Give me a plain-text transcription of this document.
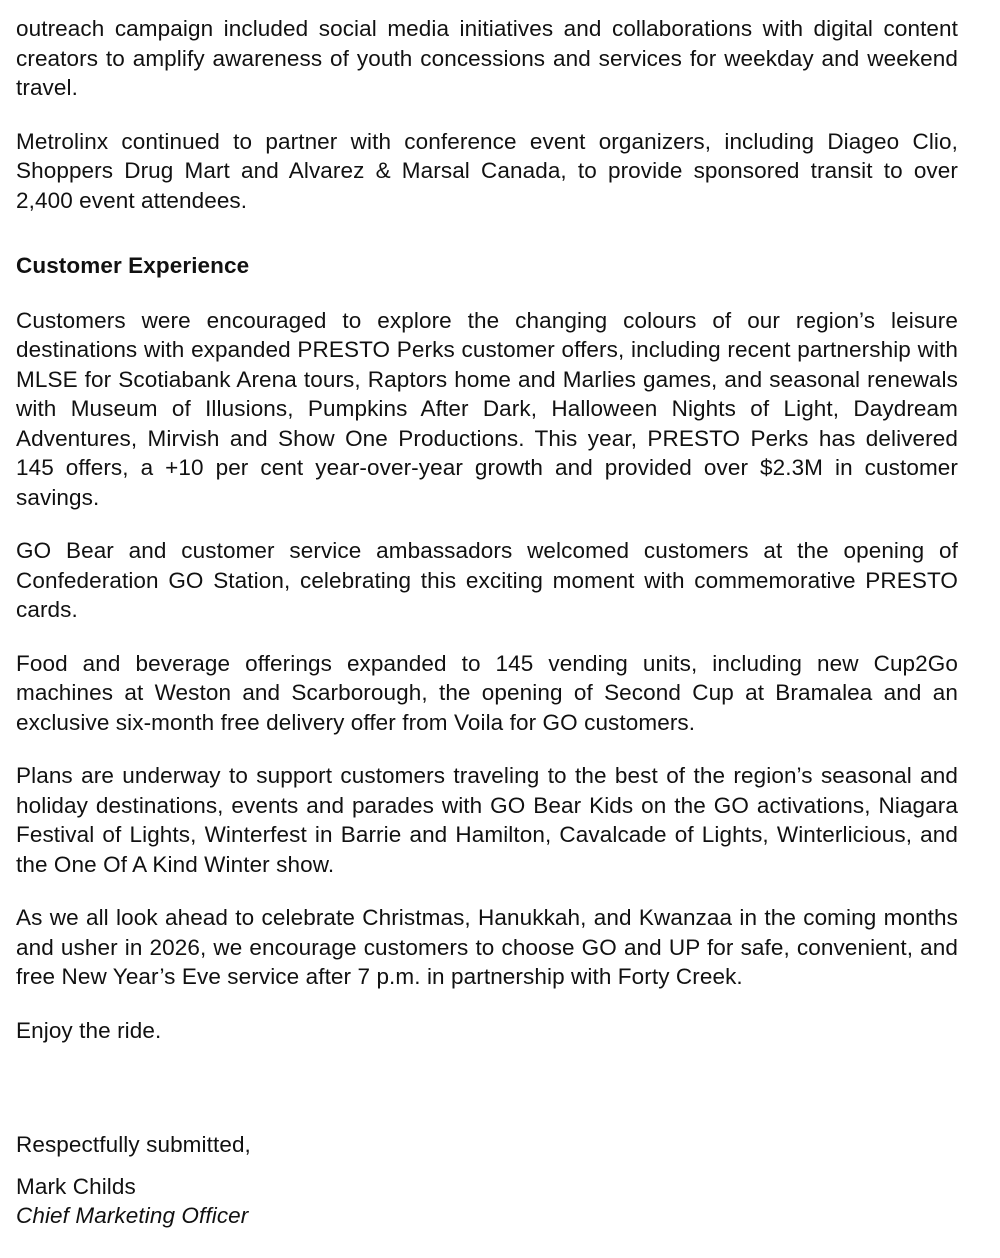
outreach campaign included social media initiatives and collaborations with digital content creators to amplify awareness of youth concessions and services for weekday and weekend travel.

Metrolinx continued to partner with conference event organizers, including Diageo Clio, Shoppers Drug Mart and Alvarez & Marsal Canada, to provide sponsored transit to over 2,400 event attendees.

Customer Experience

Customers were encouraged to explore the changing colours of our region’s leisure destinations with expanded PRESTO Perks customer offers, including recent partnership with MLSE for Scotiabank Arena tours, Raptors home and Marlies games, and seasonal renewals with Museum of Illusions, Pumpkins After Dark, Halloween Nights of Light, Daydream Adventures, Mirvish and Show One Productions. This year, PRESTO Perks has delivered 145 offers, a +10 per cent year-over-year growth and provided over $2.3M in customer savings.

GO Bear and customer service ambassadors welcomed customers at the opening of Confederation GO Station, celebrating this exciting moment with commemorative PRESTO cards.

Food and beverage offerings expanded to 145 vending units, including new Cup2Go machines at Weston and Scarborough, the opening of Second Cup at Bramalea and an exclusive six-month free delivery offer from Voila for GO customers.

Plans are underway to support customers traveling to the best of the region’s seasonal and holiday destinations, events and parades with GO Bear Kids on the GO activations, Niagara Festival of Lights, Winterfest in Barrie and Hamilton, Cavalcade of Lights, Winterlicious, and the One Of A Kind Winter show.

As we all look ahead to celebrate Christmas, Hanukkah, and Kwanzaa in the coming months and usher in 2026, we encourage customers to choose GO and UP for safe, convenient, and free New Year’s Eve service after 7 p.m. in partnership with Forty Creek.

Enjoy the ride.

Respectfully submitted,

Mark Childs

Chief Marketing Officer
